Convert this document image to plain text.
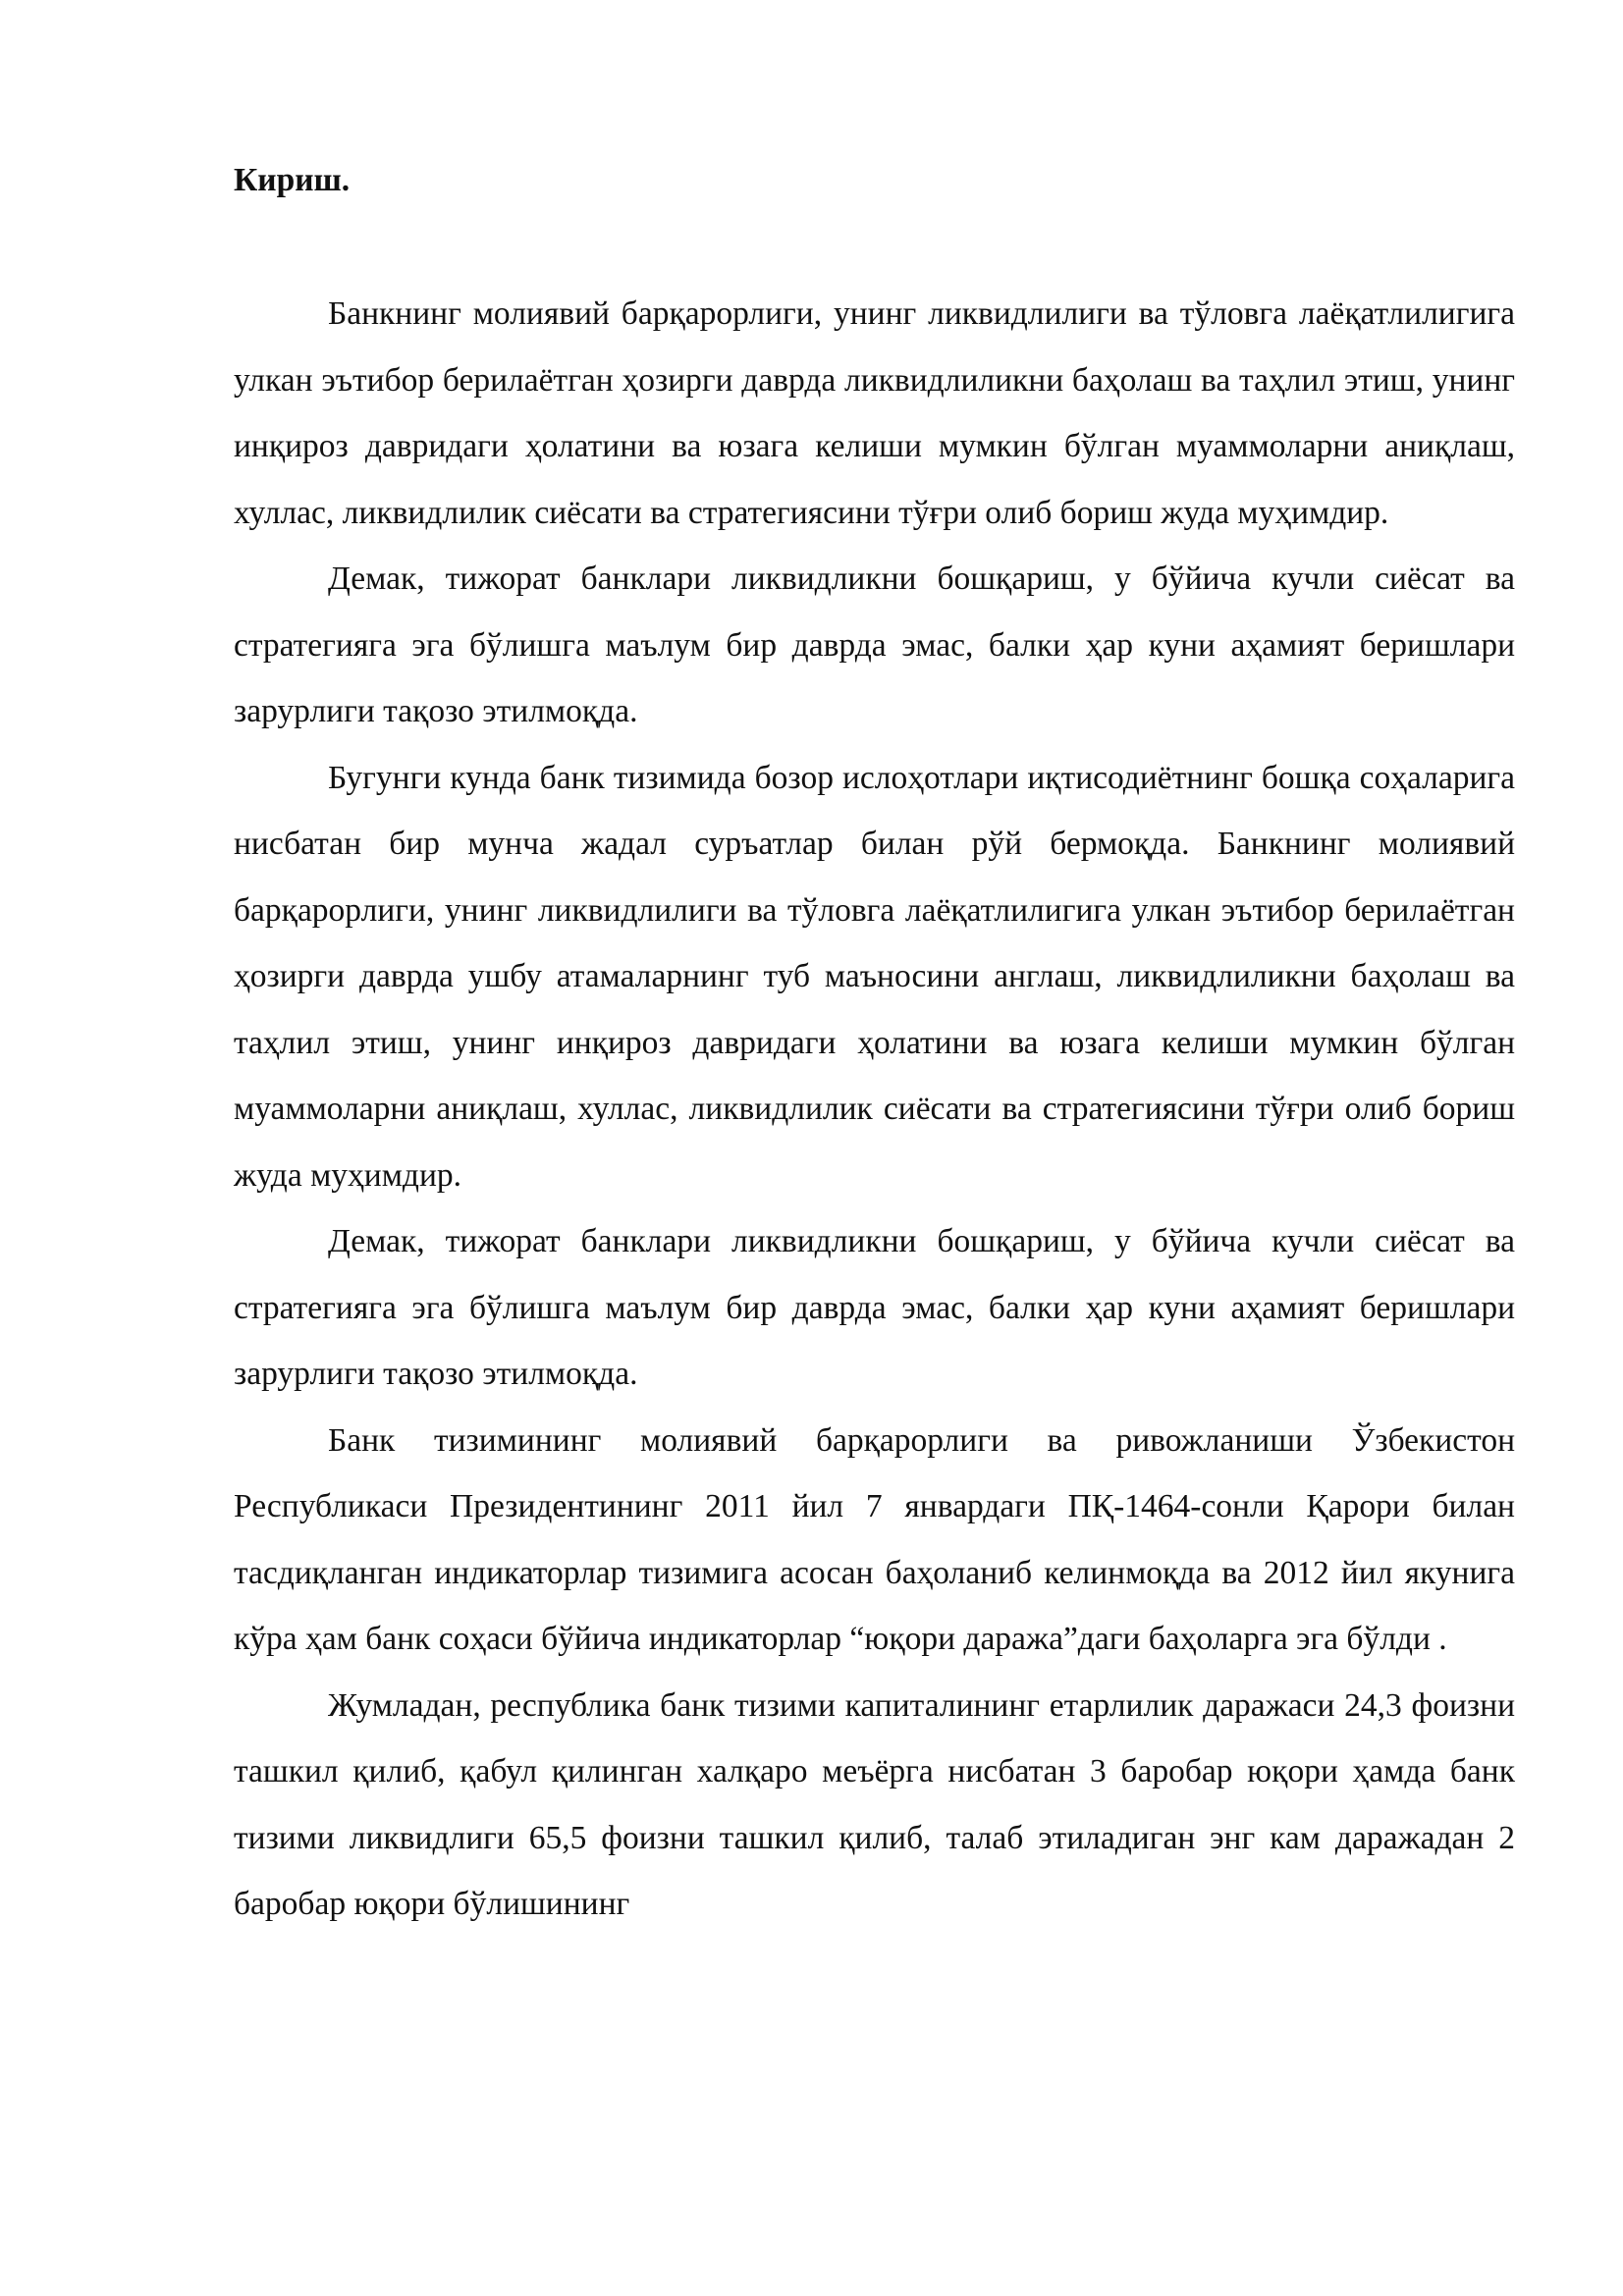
Кириш.

Банкнинг молиявий барқарорлиги, унинг ликвидлилиги ва тўловга лаёқатлилигига улкан эътибор берилаётган ҳозирги даврда ликвидлиликни баҳолаш ва таҳлил этиш, унинг инқироз давридаги ҳолатини ва юзага келиши мумкин бўлган муаммоларни аниқлаш, хуллас, ликвидлилик сиёсати ва стратегиясини тўғри олиб бориш жуда муҳимдир.

Демак, тижорат банклари ликвидликни бошқариш, у бўйича кучли сиёсат ва стратегияга эга бўлишга маълум бир даврда эмас, балки ҳар куни аҳамият беришлари зарурлиги тақозо этилмоқда.

Бугунги кунда банк тизимида бозор ислоҳотлари иқтисодиётнинг бошқа соҳаларига нисбатан бир мунча жадал суръатлар билан рўй бермоқда. Банкнинг молиявий барқарорлиги, унинг ликвидлилиги ва тўловга лаёқатлилигига улкан эътибор берилаётган ҳозирги даврда ушбу атамаларнинг туб маъносини англаш, ликвидлиликни баҳолаш ва таҳлил этиш, унинг инқироз давридаги ҳолатини ва юзага келиши мумкин бўлган муаммоларни аниқлаш, хуллас, ликвидлилик сиёсати ва стратегиясини тўғри олиб бориш жуда муҳимдир.

Демак, тижорат банклари ликвидликни бошқариш, у бўйича кучли сиёсат ва стратегияга эга бўлишга маълум бир даврда эмас, балки ҳар куни аҳамият беришлари зарурлиги тақозо этилмоқда.

Банк тизимининг молиявий барқарорлиги ва ривожланиши Ўзбекистон Республикаси Президентининг 2011 йил 7 январдаги ПҚ-1464-сонли Қарори билан тасдиқланган индикаторлар тизимига асосан баҳоланиб келинмоқда ва 2012 йил якунига кўра ҳам банк соҳаси бўйича индикаторлар “юқори даража”даги баҳоларга эга бўлди .

Жумладан, республика банк тизими капиталининг етарлилик даражаси 24,3 фоизни ташкил қилиб, қабул қилинган халқаро меъёрга нисбатан 3 баробар юқори ҳамда банк тизими ликвидлиги 65,5 фоизни ташкил қилиб, талаб этиладиган энг кам даражадан 2 баробар юқори бўлишининг
